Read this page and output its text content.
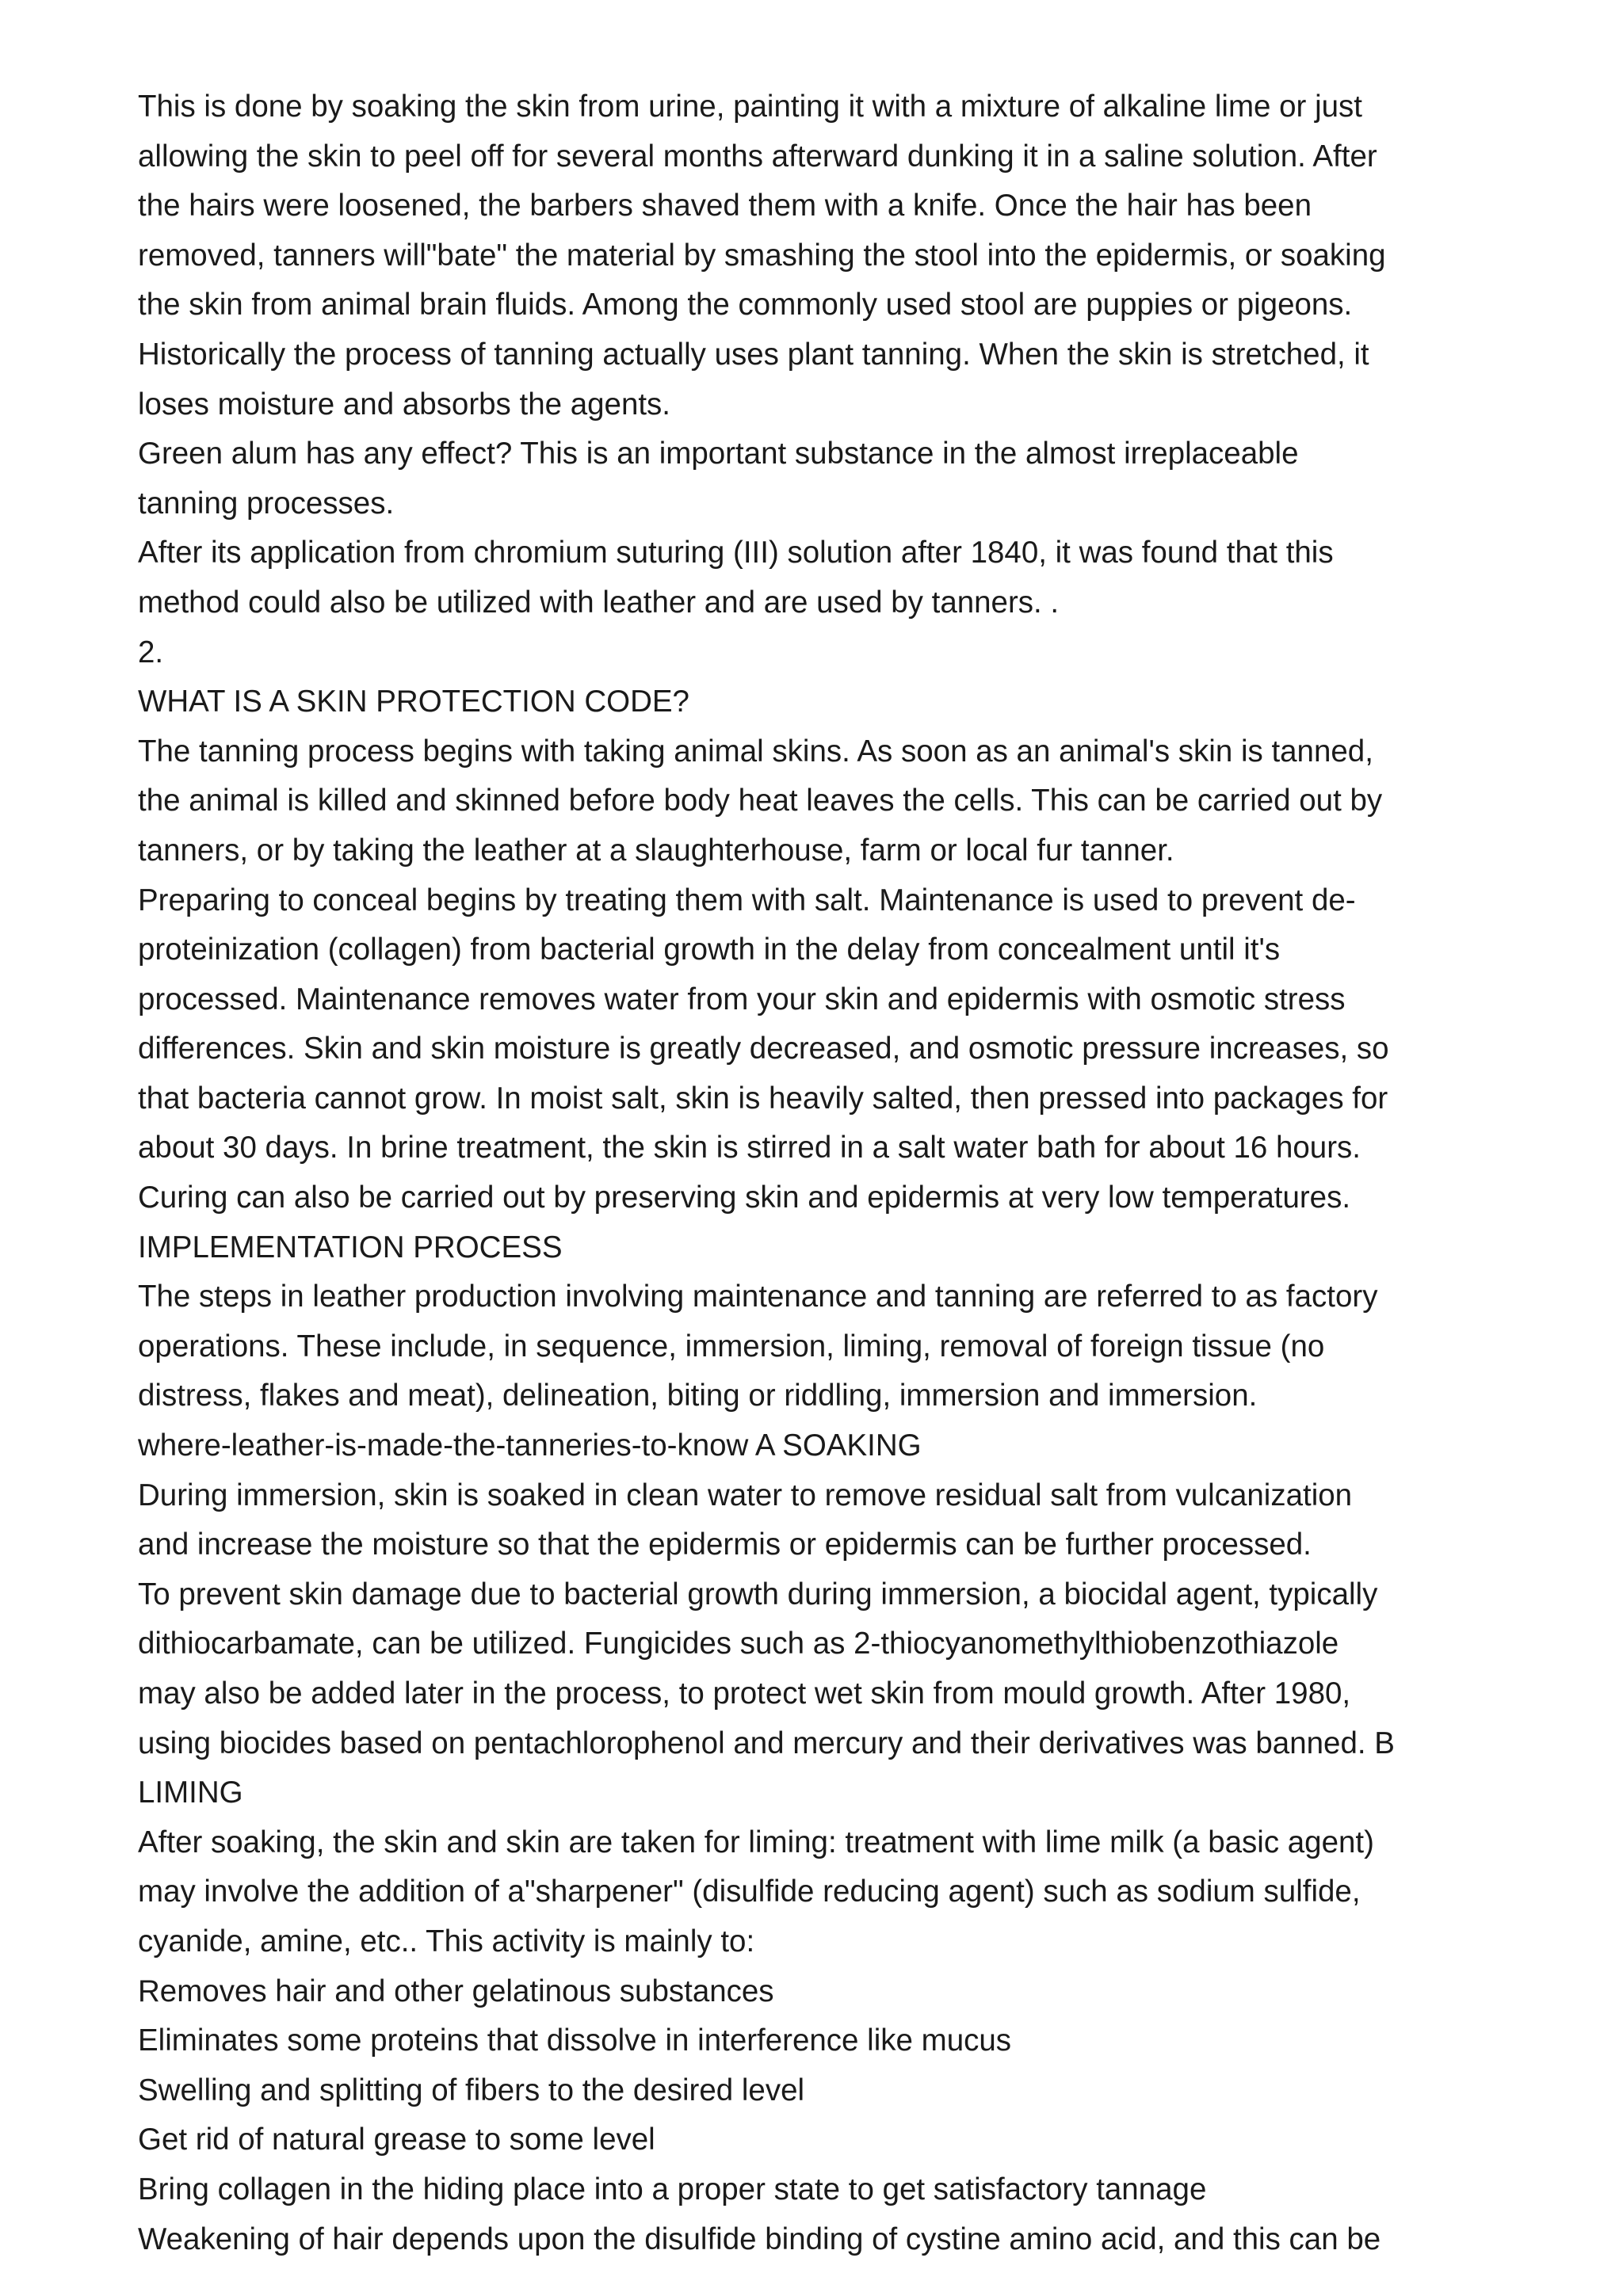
This is done by soaking the skin from urine, painting it with a mixture of alkaline lime or just
allowing the skin to peel off for several months afterward dunking it in a saline solution. After
the hairs were loosened, the barbers shaved them with a knife. Once the hair has been
removed, tanners will"bate" the material by smashing the stool into the epidermis, or soaking
the skin from animal brain fluids. Among the commonly used stool are puppies or pigeons.
Historically the process of tanning actually uses plant tanning. When the skin is stretched, it
loses moisture and absorbs the agents.
Green alum has any effect? This is an important substance in the almost irreplaceable
tanning processes.
After its application from chromium suturing (III) solution after 1840, it was found that this
method could also be utilized with leather and are used by tanners. .
2.
WHAT IS A SKIN PROTECTION CODE?
The tanning process begins with taking animal skins. As soon as an animal's skin is tanned,
the animal is killed and skinned before body heat leaves the cells. This can be carried out by
tanners, or by taking the leather at a slaughterhouse, farm or local fur tanner.
Preparing to conceal begins by treating them with salt. Maintenance is used to prevent de-
proteinization (collagen) from bacterial growth in the delay from concealment until it's
processed. Maintenance removes water from your skin and epidermis with osmotic stress
differences. Skin and skin moisture is greatly decreased, and osmotic pressure increases, so
that bacteria cannot grow. In moist salt, skin is heavily salted, then pressed into packages for
about 30 days. In brine treatment, the skin is stirred in a salt water bath for about 16 hours.
Curing can also be carried out by preserving skin and epidermis at very low temperatures.
IMPLEMENTATION PROCESS
The steps in leather production involving maintenance and tanning are referred to as factory
operations. These include, in sequence, immersion, liming, removal of foreign tissue (no
distress, flakes and meat), delineation, biting or riddling, immersion and immersion.
where-leather-is-made-the-tanneries-to-know A SOAKING
During immersion, skin is soaked in clean water to remove residual salt from vulcanization
and increase the moisture so that the epidermis or epidermis can be further processed.
To prevent skin damage due to bacterial growth during immersion, a biocidal agent, typically
dithiocarbamate, can be utilized. Fungicides such as 2-thiocyanomethylthiobenzothiazole
may also be added later in the process, to protect wet skin from mould growth. After 1980,
using biocides based on pentachlorophenol and mercury and their derivatives was banned. B
LIMING
After soaking, the skin and skin are taken for liming: treatment with lime milk (a basic agent)
may involve the addition of a"sharpener" (disulfide reducing agent) such as sodium sulfide,
cyanide, amine, etc.. This activity is mainly to:
Removes hair and other gelatinous substances
Eliminates some proteins that dissolve in interference like mucus
Swelling and splitting of fibers to the desired level
Get rid of natural grease to some level
Bring collagen in the hiding place into a proper state to get satisfactory tannage
Weakening of hair depends upon the disulfide binding of cystine amino acid, and this can be
